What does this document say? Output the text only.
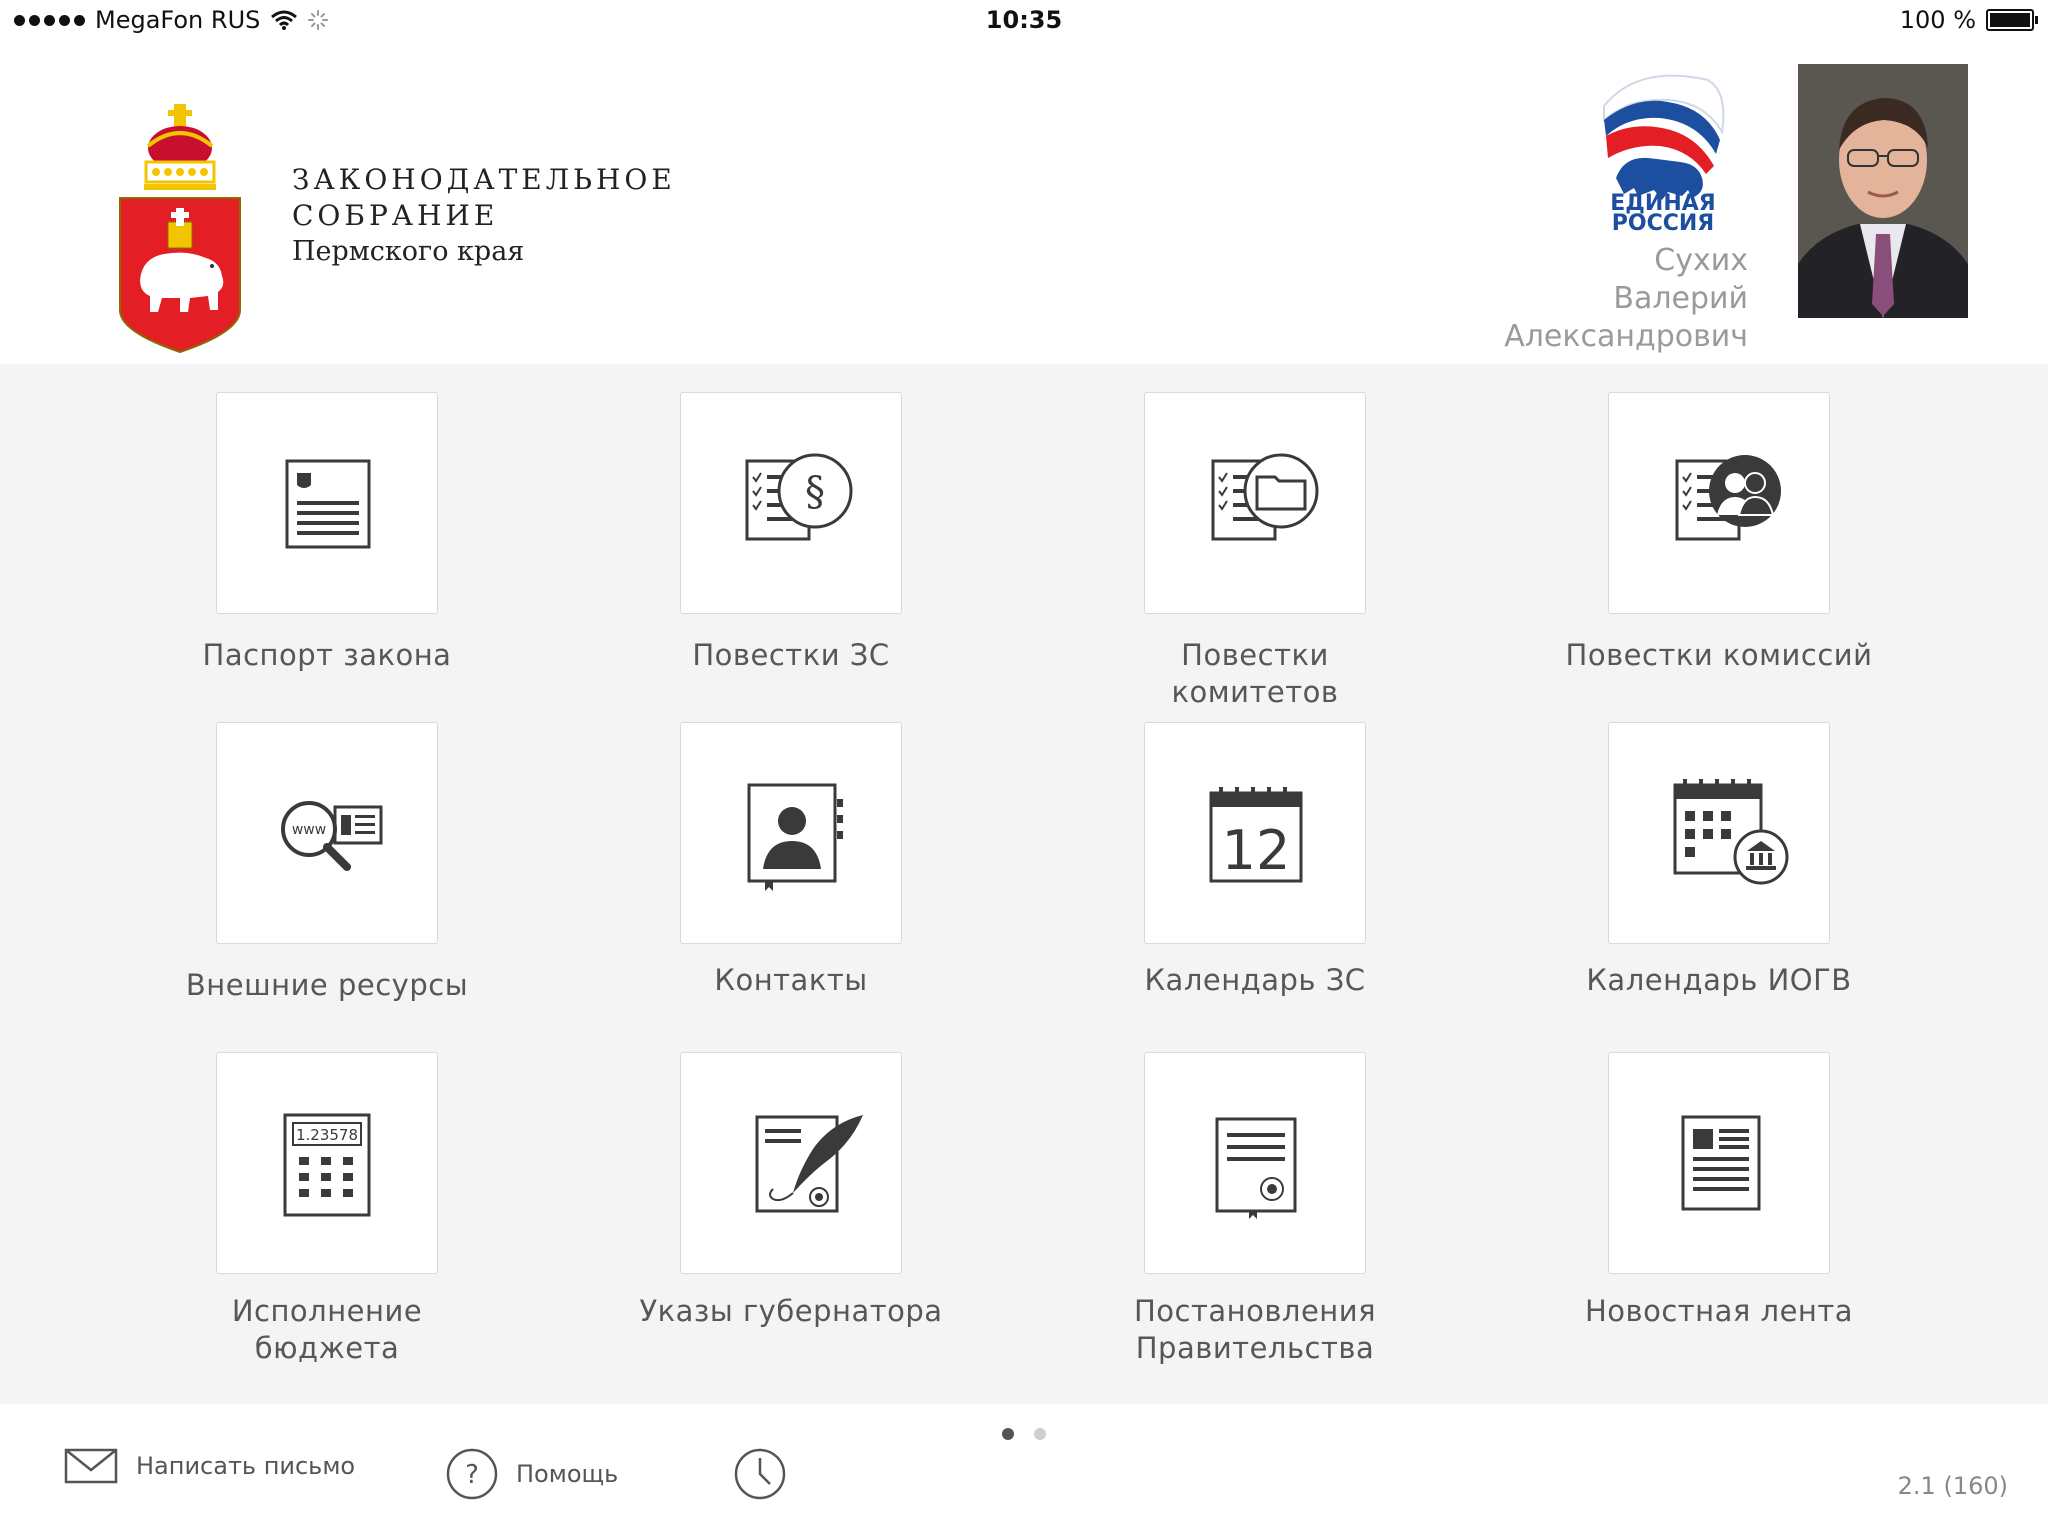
MegaFon RUS	10:35	100 %
ЗАКОНОДАТЕЛЬНОЕ
СОБРАНИЕ
Пермского края
ЕДИНАЯ
РОССИЯ
Сухих
Валерий
Александрович
Паспорт закона
§
Повестки ЗС	Повестки комитетов
Повестки комиссий
www
Внешние ресурсы	Контакты
12
Календарь ЗС	Календарь ИОГВ
1.23578
Исполнение бюджета
Указы губернатора	Постановления Правительства
Новостная лента
Написать письмо	? Помощь	2.1 (160)
